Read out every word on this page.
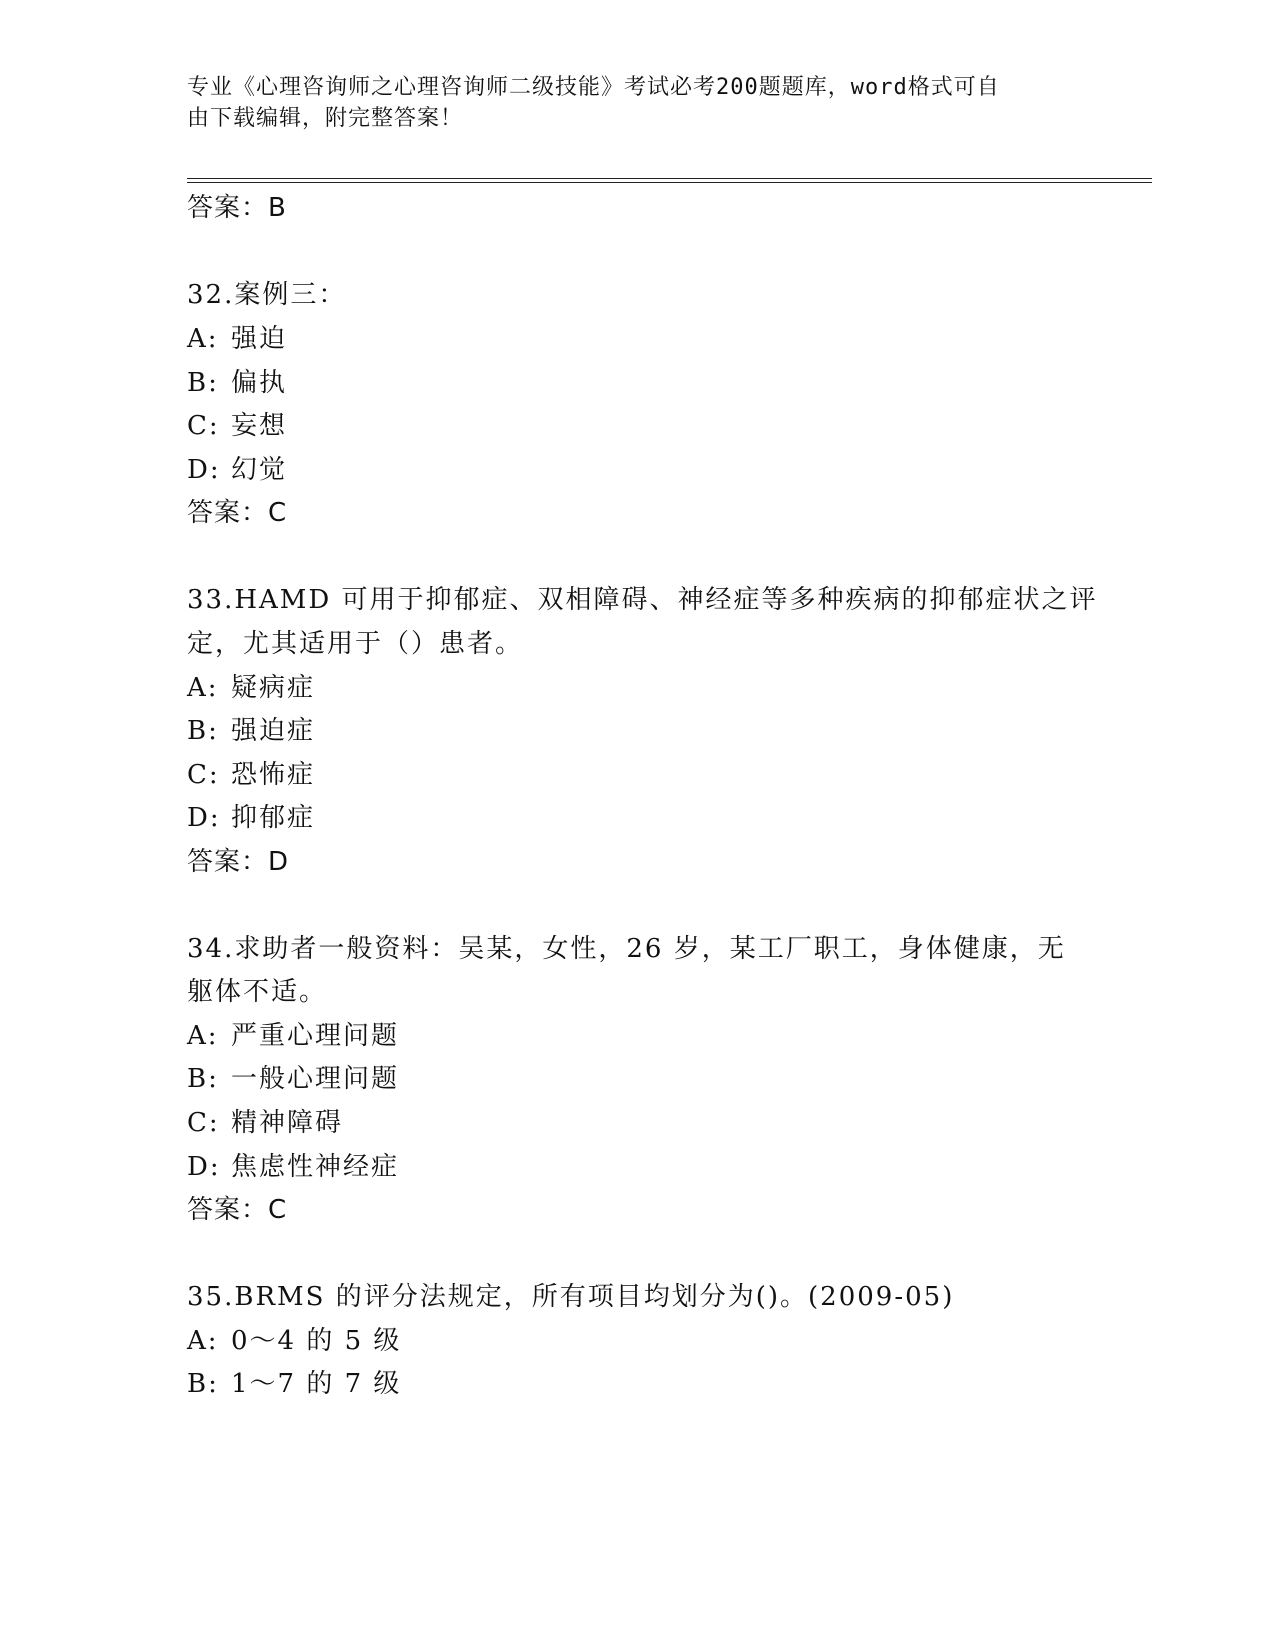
专业《心理咨询师之心理咨询师二级技能》考试必考200题题库，word格式可自
由下载编辑，附完整答案！
答案：B
32.案例三：
A: 强迫
B: 偏执
C: 妄想
D: 幻觉
答案：C
33.HAMD 可用于抑郁症、双相障碍、神经症等多种疾病的抑郁症状之评
定，尤其适用于（）患者。
A: 疑病症
B: 强迫症
C: 恐怖症
D: 抑郁症
答案：D
34.求助者一般资料：吴某，女性，26 岁，某工厂职工，身体健康，无
躯体不适。
A: 严重心理问题
B: 一般心理问题
C: 精神障碍
D: 焦虑性神经症
答案：C
35.BRMS 的评分法规定，所有项目均划分为()。(2009-05)
A: 0～4 的 5 级
B: 1～7 的 7 级
